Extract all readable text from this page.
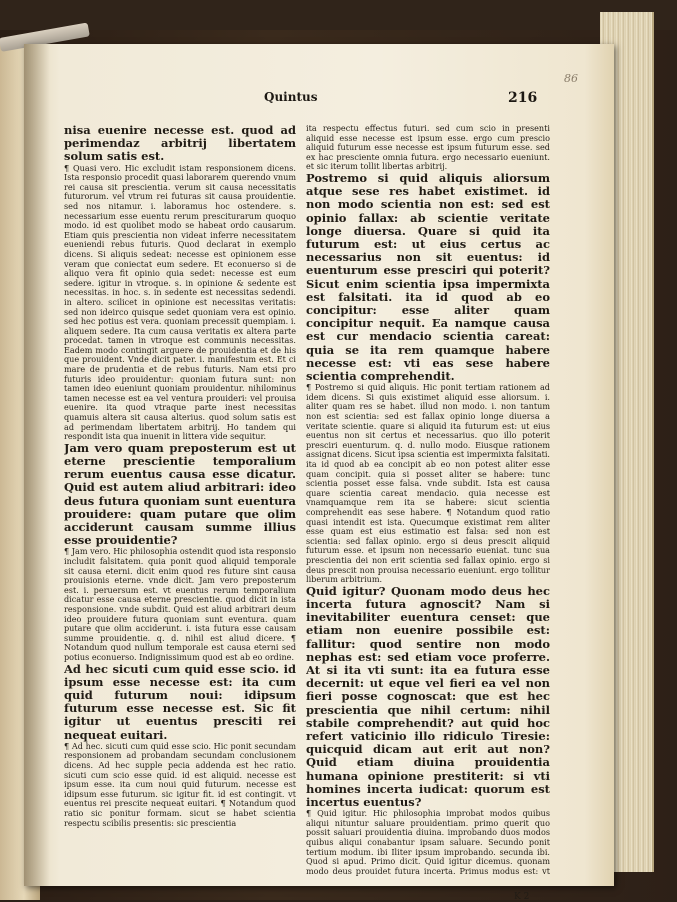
86
Quintus	216

nisa euenire necesse est. quod ad perimendaz arbitrij libertatem solum satis est.

¶ Quasi vero. Hic excludit istam responsionem dicens. Ista responsio procedit quasi laborarem querendo vnum rei causa sit prescientia. verum sit causa necessitatis futurorum. vel vtrum rei futuras sit causa prouidentie. sed nos nitamur. i. laboramus hoc ostendere. s. necessarium esse euentu rerum presciturarum quoquo modo. id est quolibet modo se habeat ordo causarum. Etiam quis prescientia non videat inferre necessitatem eueniendi rebus futuris. Quod declarat in exemplo dicens. Si aliquis sedeat: necesse est opinionem esse veram que coniectat eum sedere. Et econuerso si de aliquo vera fit opinio quia sedet: necesse est eum sedere. igitur in vtroque. s. in opinione & sedente est necessitas. in hoc. s. in sedente est necessitas sedendi. in altero. scilicet in opinione est necessitas veritatis: sed non ideirco quisque sedet quoniam vera est opinio. sed hec potius est vera. quoniam precessit quempiam. i. aliquem sedere. Ita cum causa veritatis ex altera parte procedat. tamen in vtroque est communis necessitas. Eadem modo contingit arguere de prouidentia et de his que prouident. Vnde dicit pater. i. manifestum est. Et ci mare de prudentia et de rebus futuris. Nam etsi pro futuris ideo prouidentur: quoniam futura sunt: non tamen ideo eueniunt quoniam prouidentur. nihilominus tamen necesse est ea vel ventura prouideri: vel prouisa euenire. ita quod vtraque parte inest necessitas quamuis altera sit causa alterius. quod solum satis est ad perimendam libertatem arbitrij. Ho tandem qui respondit ista qua inuenit in littera vide sequitur.

Jam vero quam preposterum est ut eterne prescientie temporalium rerum euentus causa esse dicatur. Quid est autem aliud arbitrari: ideo deus futura quoniam sunt euentura prouidere: quam putare que olim acciderunt causam summe illius esse prouidentie?

¶ Jam vero. Hic philosophia ostendit quod ista responsio includit falsitatem. quia ponit quod aliquid temporale sit causa eterni. dicit enim quod res future sint causa prouisionis eterne. vnde dicit. Jam vero preposterum est. i. peruersum est. vt euentus rerum temporalium dicatur esse causa eterne prescientie. quod dicit in ista responsione. vnde subdit. Quid est aliud arbitrari deum ideo prouidere futura quoniam sunt eventura. quam putare que olim acciderunt. i. ista futura esse causam summe prouidentie. q. d. nihil est aliud dicere. ¶ Notandum quod nullum temporale est causa eterni sed potius econuerso. Indignissimum quod est ab eo ordine.

Ad hec sicuti cum quid esse scio. id ipsum esse necesse est: ita cum quid futurum noui: idipsum futurum esse necesse est. Sic fit igitur ut euentus presciti rei nequeat euitari.

¶ Ad hec. sicuti cum quid esse scio. Hic ponit secundam responsionem ad probandam secundam conclusionem dicens. Ad hec supple pecia addenda est hec ratio. sicuti cum scio esse quid. id est aliquid. necesse est ipsum esse. ita cum noui quid futurum. necesse est idipsum esse futurum. sic igitur fit. id est contingit. vt euentus rei prescite nequeat euitari. ¶ Notandum quod ratio sic ponitur formam. sicut se habet scientia respectu scibilis presentis: sic prescientia

ita respectu effectus futuri. sed cum scio in presenti aliquid esse necesse est ipsum esse. ergo cum prescio aliquid futurum esse necesse est ipsum futurum esse. sed ex hac presciente omnia futura. ergo necessario eueniunt. et sic iterum tollit libertas arbitrij.

Postremo si quid aliquis aliorsum atque sese res habet existimet. id non modo scientia non est: sed est opinio fallax: ab scientie veritate longe diuersa. Quare si quid ita futurum est: ut eius certus ac necessarius non sit euentus: id euenturum esse presciri qui poterit? Sicut enim scientia ipsa impermixta est falsitati. ita id quod ab eo concipitur: esse aliter quam concipitur nequit. Ea namque causa est cur mendacio scientia careat: quia se ita rem quamque habere necesse est: vti eas sese habere scientia comprehendit.

¶ Postremo si quid aliquis. Hic ponit tertiam rationem ad idem dicens. Si quis existimet aliquid esse aliorsum. i. aliter quam res se habet. illud non modo. i. non tantum non est scientia: sed est fallax opinio longe diuersa a veritate scientie. quare si aliquid ita futurum est: ut eius euentus non sit certus et necessarius. quo illo poterit presciri euenturum. q. d. nullo modo. Eiusque rationem assignat dicens. Sicut ipsa scientia est impermixta falsitati. ita id quod ab ea concipit ab eo non potest aliter esse quam concipit. quia si posset aliter se habere: tunc scientia posset esse falsa. vnde subdit. Ista est causa quare scientia careat mendacio. quia necesse est vnamquamque rem ita se habere: sicut scientia comprehendit eas sese habere. ¶ Notandum quod ratio quasi intendit est ista. Quecumque existimat rem aliter esse quam est eius estimatio est falsa: sed non est scientia: sed fallax opinio. ergo si deus prescit aliquid futurum esse. et ipsum non necessario eueniat. tunc sua prescientia dei non erit scientia sed fallax opinio. ergo si deus prescit non prouisa necessario eueniunt. ergo tollitur liberum arbitrium.

Quid igitur? Quonam modo deus hec incerta futura agnoscit? Nam si inevitabiliter euentura censet: que etiam non euenire possibile est: fallitur: quod sentire non modo nephas est: sed etiam voce proferre. At si ita vti sunt: ita ea futura esse decernit: ut eque vel fieri ea vel non fieri posse cognoscat: que est hec prescientia que nihil certum: nihil stabile comprehendit? aut quid hoc refert vaticinio illo ridiculo Tiresie: quicquid dicam aut erit aut non? Quid etiam diuina prouidentia humana opinione prestiterit: si vti homines incerta iudicat: quorum est incertus euentus?

¶ Quid igitur. Hic philosophia improbat modos quibus aliqui nituntur saluare prouidentiam. primo querit quo possit saluari prouidentia diuina. improbando duos modos quibus aliqui conabantur ipsam saluare. Secundo ponit tertium modum. ibi Iliter ipsum improbando. secunda ibi. Quod si apud. Primo dicit. Quid igitur dicemus. quonam modo deus prouidet futura incerta. Primus modus est: vt

K 2
